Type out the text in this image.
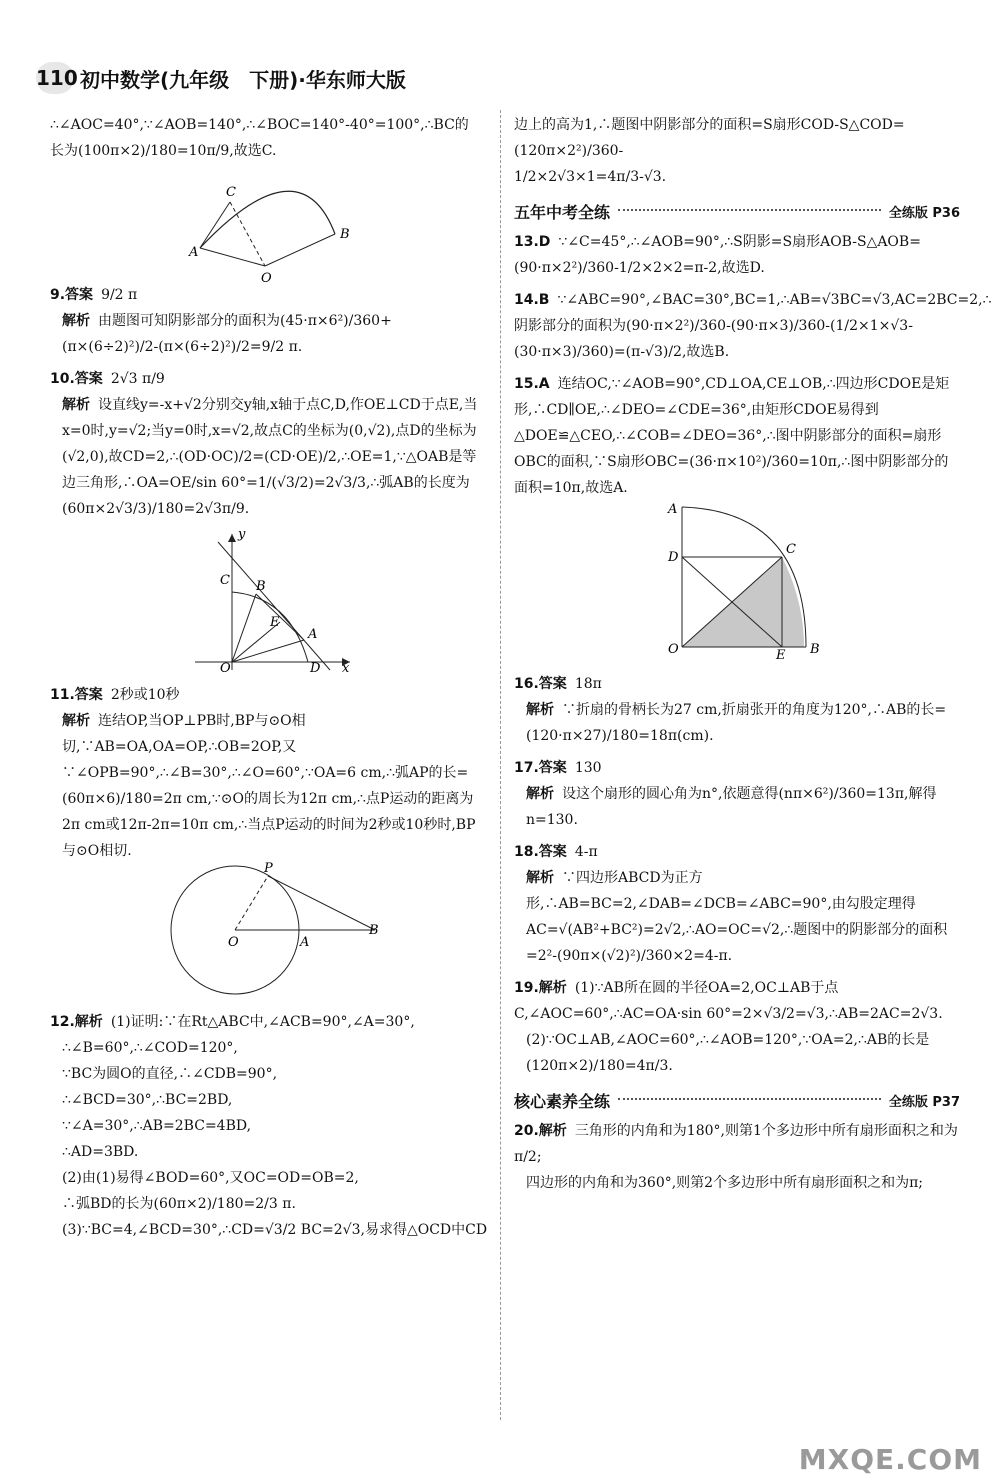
110 初中数学(九年级　下册)·华东师大版

∴∠AOC=40°,∵∠AOB=140°,∴∠BOC=140°-40°=100°,∴BC的

长为(100π×2)/180=10π/9,故选C.

C
A
O
B

9.答案 9/2 π

解析 由题图可知阴影部分的面积为(45·π×6²)/360+(π×(6÷2)²)/2-(π×(6÷2)²)/2=9/2 π.

10.答案 2√3 π/9

解析 设直线y=-x+√2分别交y轴,x轴于点C,D,作OE⊥CD于点E,当x=0时,y=√2;当y=0时,x=√2,故点C的坐标为(0,√2),点D的坐标为(√2,0),故CD=2,∴(OD·OC)/2=(CD·OE)/2,∴OE=1,∵△OAB是等边三角形,∴OA=OE/sin 60°=1/(√3/2)=2√3/3,∴弧AB的长度为(60π×2√3/3)/180=2√3π/9.

y
C B
E
A
O	D x

11.答案 2秒或10秒

解析 连结OP,当OP⊥PB时,BP与⊙O相切,∵AB=OA,OA=OP,∴OB=2OP,又∵∠OPB=90°,∴∠B=30°,∴∠O=60°,∵OA=6 cm,∴弧AP的长=(60π×6)/180=2π cm,∵⊙O的周长为12π cm,∴点P运动的距离为2π cm或12π-2π=10π cm,∴当点P运动的时间为2秒或10秒时,BP与⊙O相切.

P
O	A
B

12.解析 (1)证明:∵在Rt△ABC中,∠ACB=90°,∠A=30°,

∴∠B=60°,∴∠COD=120°,

∵BC为圆O的直径,∴∠CDB=90°,

∴∠BCD=30°,∴BC=2BD,

∵∠A=30°,∴AB=2BC=4BD,

∴AD=3BD.

(2)由(1)易得∠BOD=60°,又OC=OD=OB=2,

∴弧BD的长为(60π×2)/180=2/3 π.

(3)∵BC=4,∠BCD=30°,∴CD=√3/2 BC=2√3,易求得△OCD中CD

边上的高为1,∴题图中阴影部分的面积=S扇形COD-S△COD=(120π×2²)/360-

1/2×2√3×1=4π/3-√3.

五年中考全练	全练版 P36

13.D ∵∠C=45°,∴∠AOB=90°,∴S阴影=S扇形AOB-S△AOB=(90·π×2²)/360-1/2×2×2=π-2,故选D.

14.B ∵∠ABC=90°,∠BAC=30°,BC=1,∴AB=√3BC=√3,AC=2BC=2,∴阴影部分的面积为(90·π×2²)/360-(90·π×3)/360-(1/2×1×√3-(30·π×3)/360)=(π-√3)/2,故选B.

15.A 连结OC,∵∠AOB=90°,CD⊥OA,CE⊥OB,∴四边形CDOE是矩形,∴CD∥OE,∴∠DEO=∠CDE=36°,由矩形CDOE易得到△DOE≌△CEO,∴∠COB=∠DEO=36°,∴图中阴影部分的面积=扇形OBC的面积,∵S扇形OBC=(36·π×10²)/360=10π,∴图中阴影部分的面积=10π,故选A.

A
D
C
O	E B

16.答案 18π

解析 ∵折扇的骨柄长为27 cm,折扇张开的角度为120°,∴AB的长=(120·π×27)/180=18π(cm).

17.答案 130

解析 设这个扇形的圆心角为n°,依题意得(nπ×6²)/360=13π,解得n=130.

18.答案 4-π

解析 ∵四边形ABCD为正方形,∴AB=BC=2,∠DAB=∠DCB=∠ABC=90°,由勾股定理得AC=√(AB²+BC²)=2√2,∴AO=OC=√2,∴题图中的阴影部分的面积=2²-(90π×(√2)²)/360×2=4-π.

19.解析 (1)∵AB所在圆的半径OA=2,OC⊥AB于点C,∠AOC=60°,∴AC=OA·sin 60°=2×√3/2=√3,∴AB=2AC=2√3.

(2)∵OC⊥AB,∠AOC=60°,∴∠AOB=120°,∵OA=2,∴AB的长是(120π×2)/180=4π/3.

核心素养全练	全练版 P37

20.解析 三角形的内角和为180°,则第1个多边形中所有扇形面积之和为π/2;

四边形的内角和为360°,则第2个多边形中所有扇形面积之和为π;

MXQE.COM
